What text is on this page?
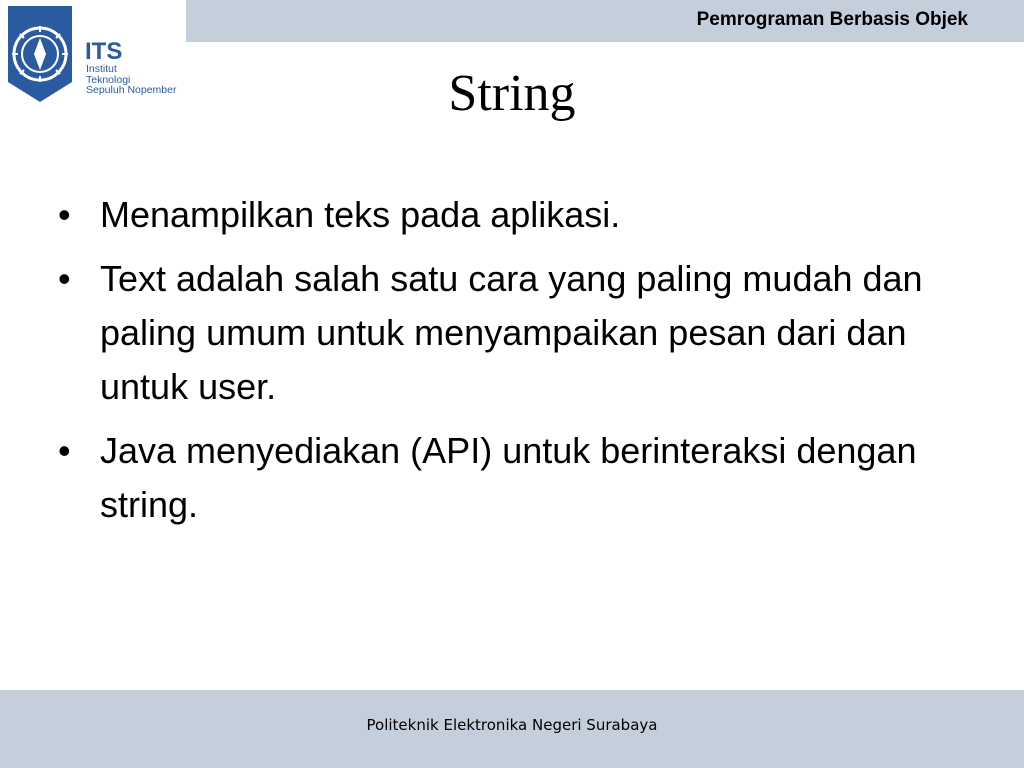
Pemrograman Berbasis Objek
ITS
Institut
Teknologi
Sepuluh Nopember	String
• Menampilkan teks pada aplikasi.
• Text adalah salah satu cara yang paling mudah dan paling umum untuk menyampaikan pesan dari dan untuk user.
• Java menyediakan (API) untuk berinteraksi dengan string.
Politeknik Elektronika Negeri Surabaya
